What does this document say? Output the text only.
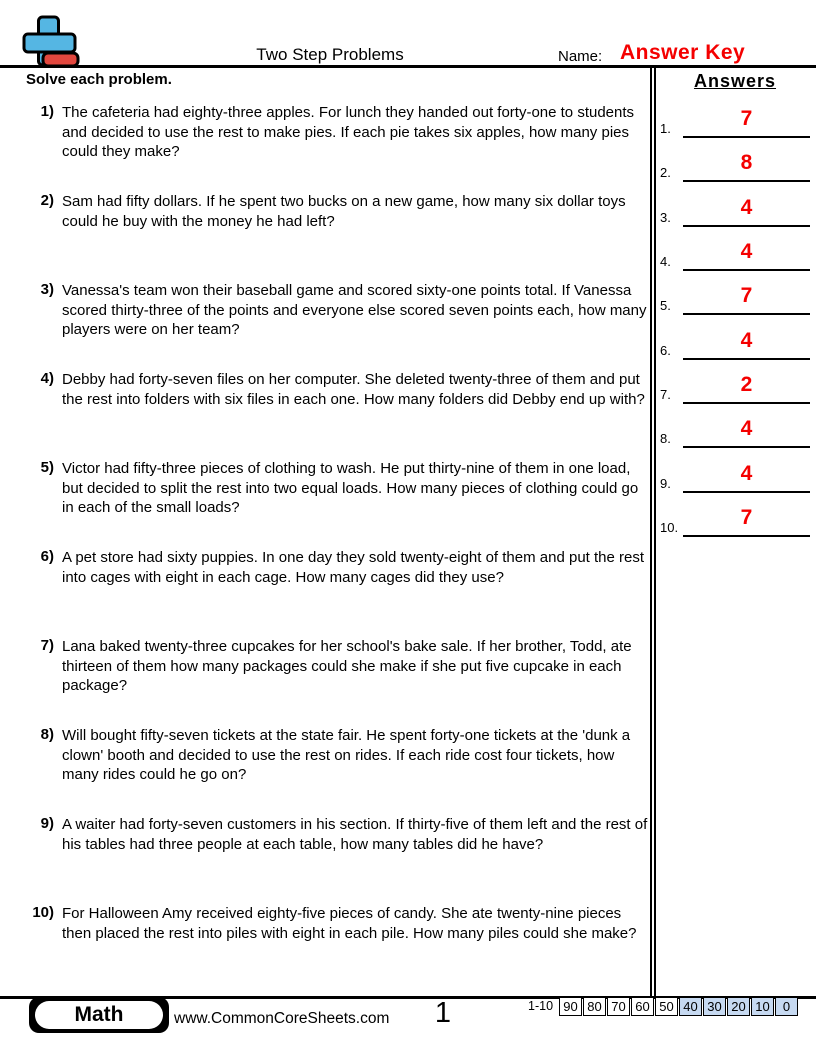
Two Step Problems	Name: Answer Key
Solve each problem.
1) The cafeteria had eighty-three apples. For lunch they handed out forty-one to students and decided to use the rest to make pies. If each pie takes six apples, how many pies could they make?
2) Sam had fifty dollars. If he spent two bucks on a new game, how many six dollar toys could he buy with the money he had left?
3) Vanessa's team won their baseball game and scored sixty-one points total. If Vanessa scored thirty-three of the points and everyone else scored seven points each, how many players were on her team?
4) Debby had forty-seven files on her computer. She deleted twenty-three of them and put the rest into folders with six files in each one. How many folders did Debby end up with?
5) Victor had fifty-three pieces of clothing to wash. He put thirty-nine of them in one load, but decided to split the rest into two equal loads. How many pieces of clothing could go in each of the small loads?
6) A pet store had sixty puppies. In one day they sold twenty-eight of them and put the rest into cages with eight in each cage. How many cages did they use?
7) Lana baked twenty-three cupcakes for her school's bake sale. If her brother, Todd, ate thirteen of them how many packages could she make if she put five cupcake in each package?
8) Will bought fifty-seven tickets at the state fair. He spent forty-one tickets at the 'dunk a clown' booth and decided to use the rest on rides. If each ride cost four tickets, how many rides could he go on?
9) A waiter had forty-seven customers in his section. If thirty-five of them left and the rest of his tables had three people at each table, how many tables did he have?
10) For Halloween Amy received eighty-five pieces of candy. She ate twenty-nine pieces then placed the rest into piles with eight in each pile. How many piles could she make?
Answers
1.	7
2.	8
3.	4
4.	4
5.	7
6.	4
7.	2
8.	4
9.	4
10.	7
Math	www.CommonCoreSheets.com	1	1-10 90 80 70 60 50 40 30 20 10	0
